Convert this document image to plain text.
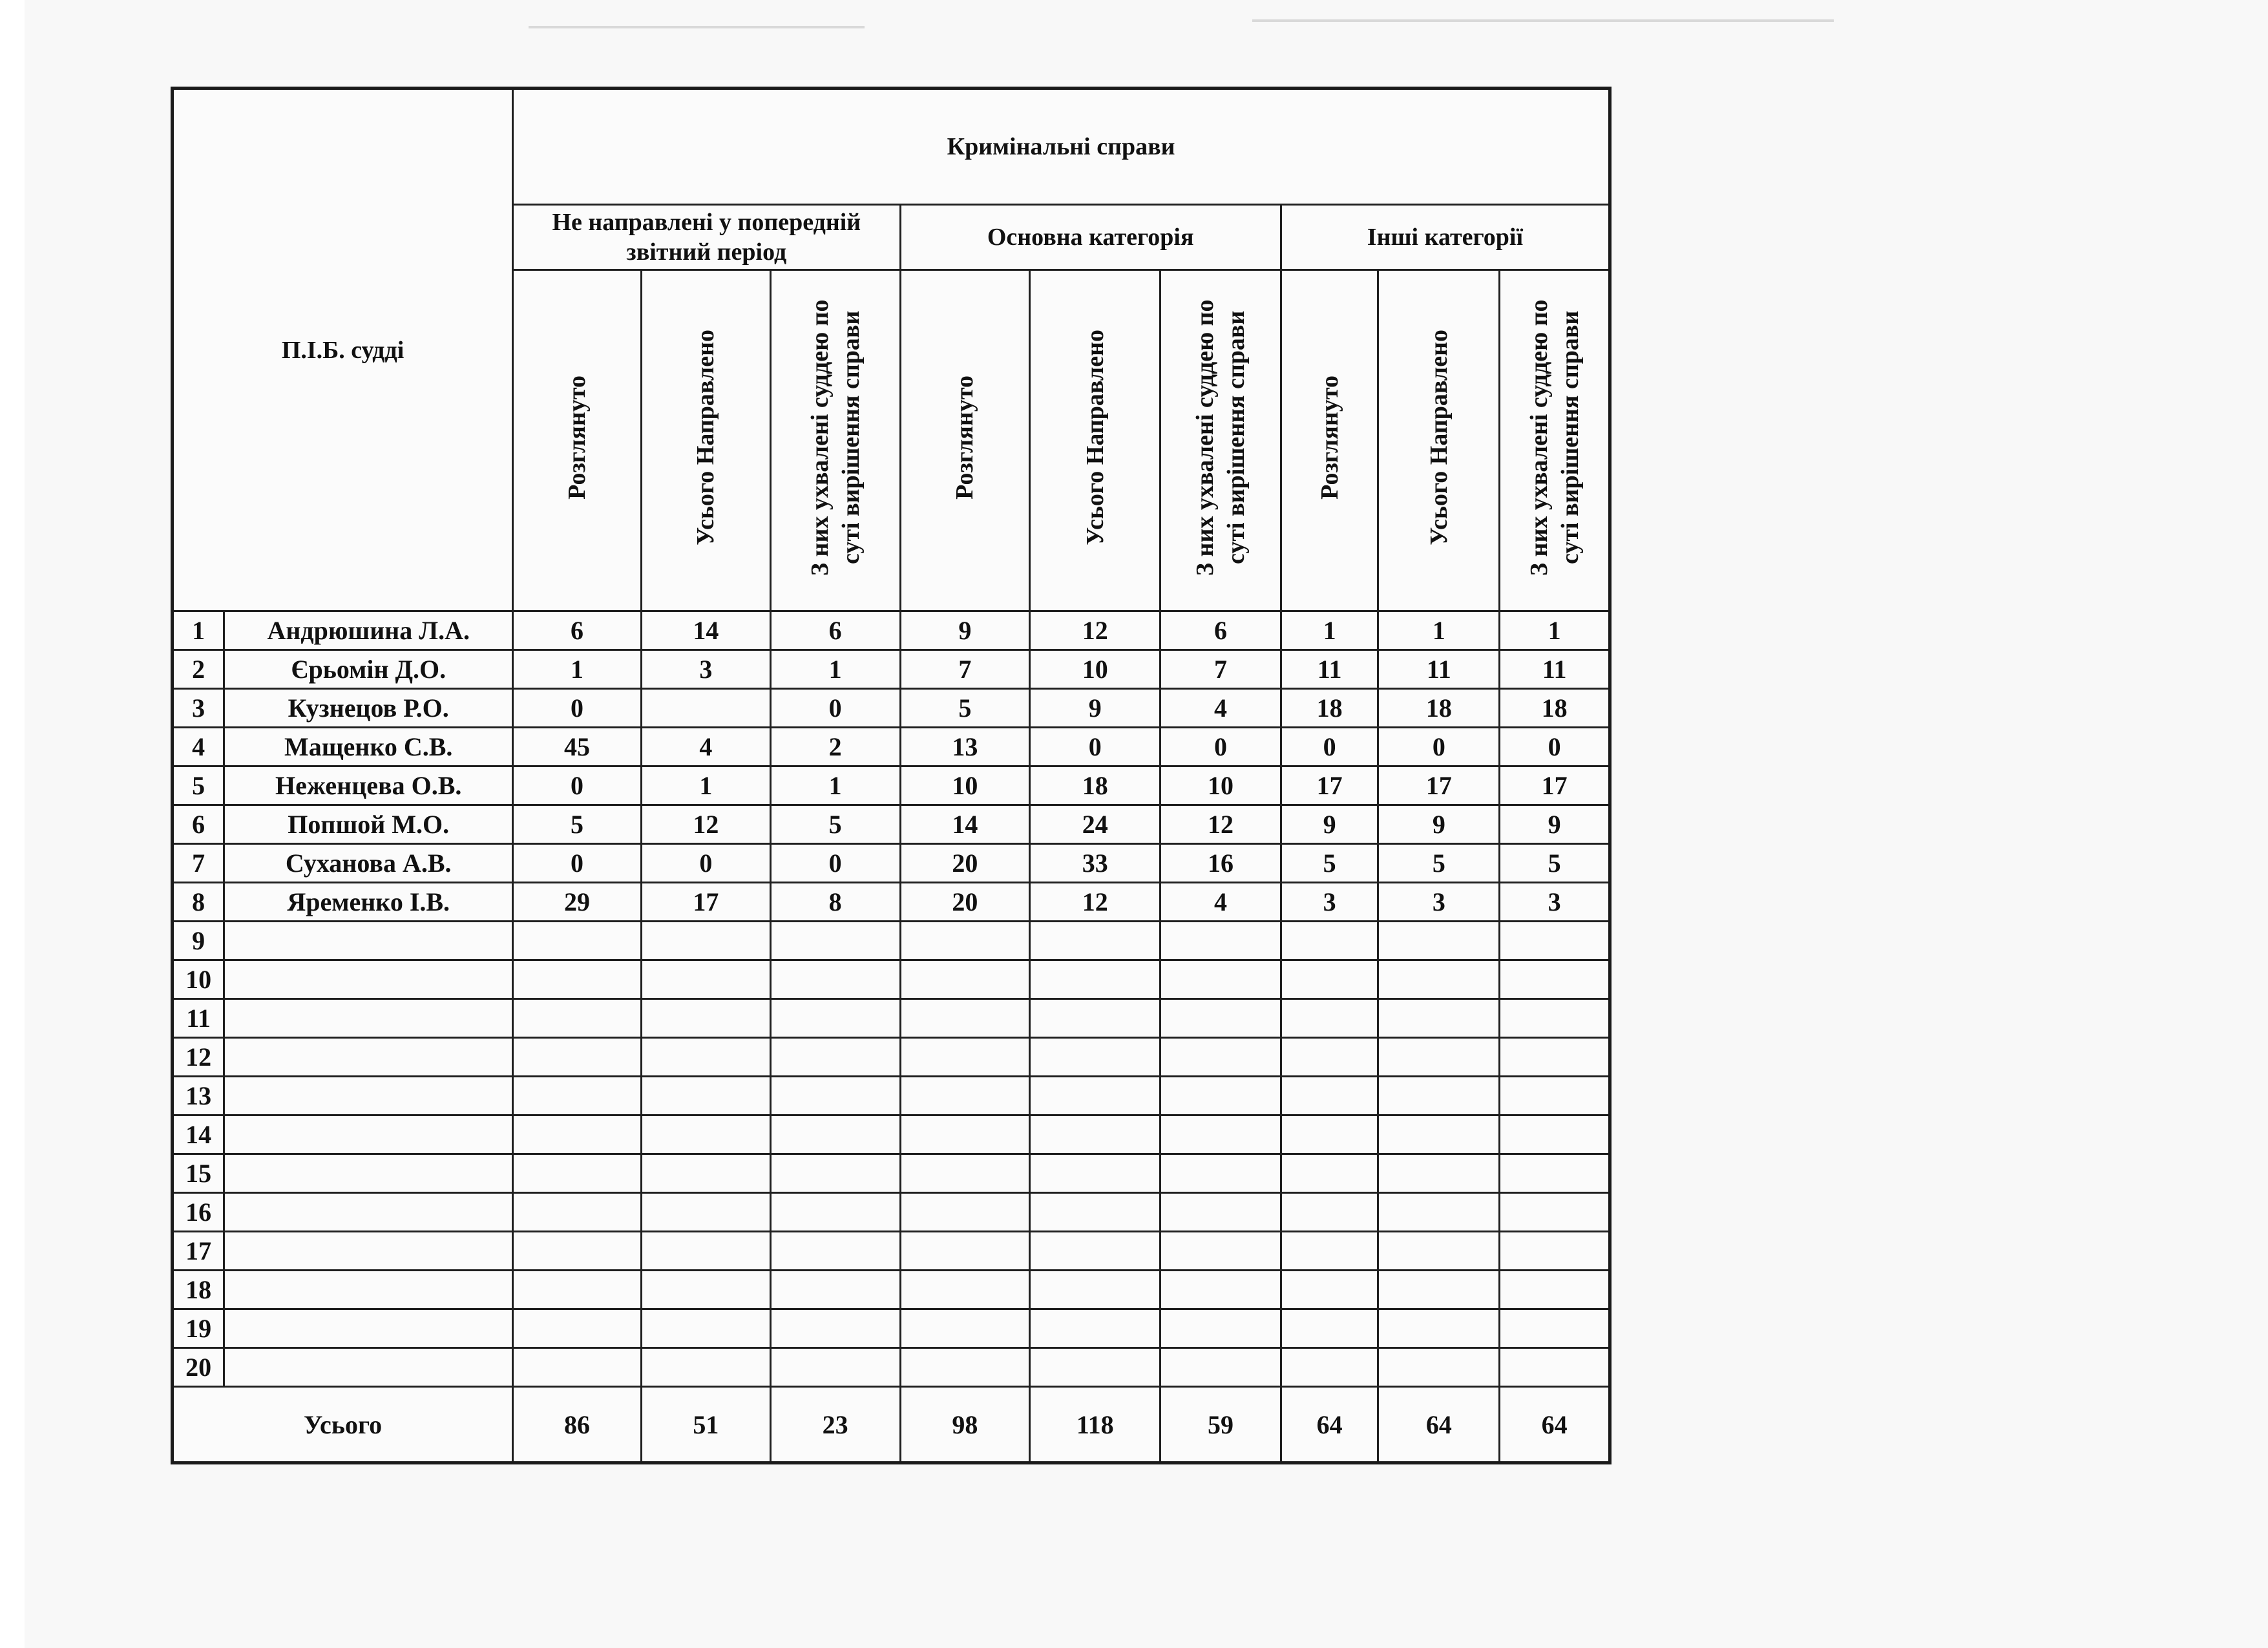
П.І.Б. судді		Кримінальні справи								
		Не направлені у попередній звітний період			Основна категорія			Інші категорії		
		Розглянуто	Усього Направлено	З них ухвалені суддею по суті вирішення справи	Розглянуто	Усього Направлено	З них ухвалені суддею по суті вирішення справи	Розглянуто	Усього Направлено	З них ухвалені суддею по суті вирішення справи
1	Андрюшина Л.А.	6	14	6	9	12	6	1	1	1
2	Єрьомін Д.О.	1	3	1	7	10	7	11	11	11
3	Кузнецов Р.О.	0		0	5	9	4	18	18	18
4	Мащенко С.В.	45	4	2	13	0	0	0	0	0
5	Неженцева О.В.	0	1	1	10	18	10	17	17	17
6	Попшой М.О.	5	12	5	14	24	12	9	9	9
7	Суханова А.В.	0	0	0	20	33	16	5	5	5
8	Яременко І.В.	29	17	8	20	12	4	3	3	3
9										
10										
11										
12										
13										
14										
15										
16										
17										
18										
19										
20										
Усього		86	51	23	98	118	59	64	64	64
